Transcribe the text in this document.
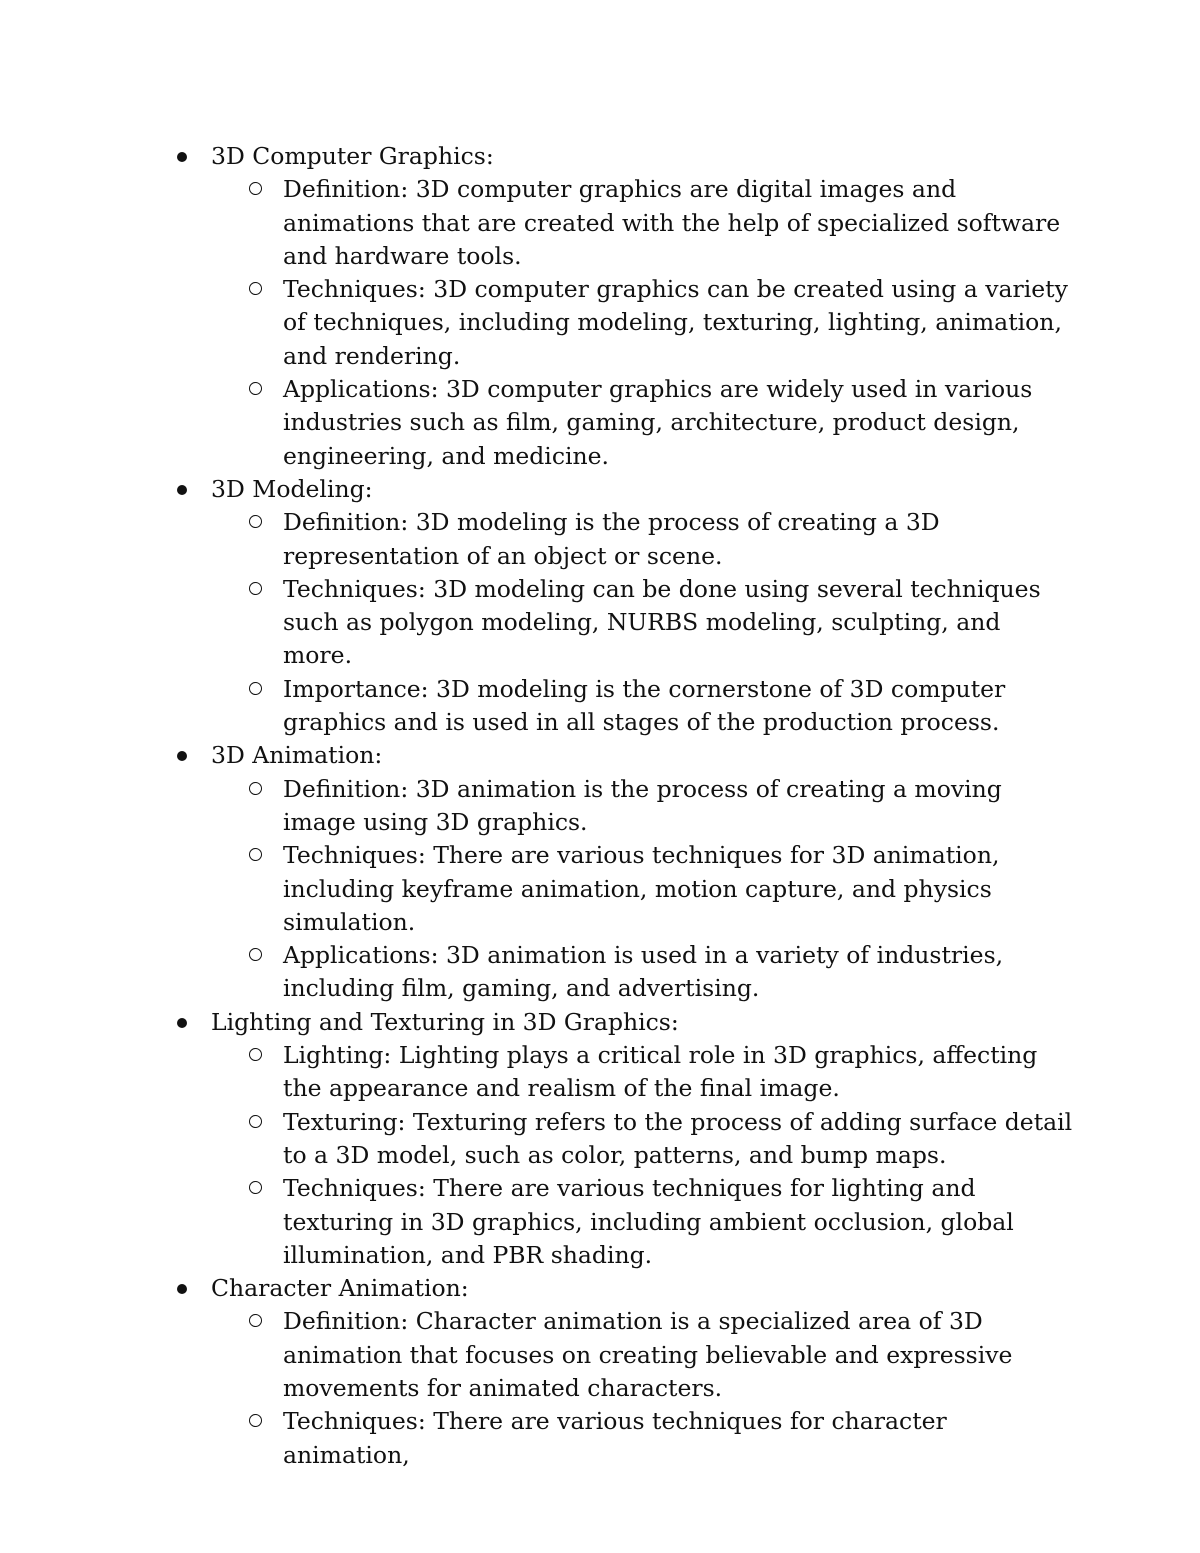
3D Computer Graphics:
Definition: 3D computer graphics are digital images and animations that are created with the help of specialized software and hardware tools.
Techniques: 3D computer graphics can be created using a variety of techniques, including modeling, texturing, lighting, animation, and rendering.
Applications: 3D computer graphics are widely used in various industries such as film, gaming, architecture, product design, engineering, and medicine.
3D Modeling:
Definition: 3D modeling is the process of creating a 3D representation of an object or scene.
Techniques: 3D modeling can be done using several techniques such as polygon modeling, NURBS modeling, sculpting, and more.
Importance: 3D modeling is the cornerstone of 3D computer graphics and is used in all stages of the production process.
3D Animation:
Definition: 3D animation is the process of creating a moving image using 3D graphics.
Techniques: There are various techniques for 3D animation, including keyframe animation, motion capture, and physics simulation.
Applications: 3D animation is used in a variety of industries, including film, gaming, and advertising.
Lighting and Texturing in 3D Graphics:
Lighting: Lighting plays a critical role in 3D graphics, affecting the appearance and realism of the final image.
Texturing: Texturing refers to the process of adding surface detail to a 3D model, such as color, patterns, and bump maps.
Techniques: There are various techniques for lighting and texturing in 3D graphics, including ambient occlusion, global illumination, and PBR shading.
Character Animation:
Definition: Character animation is a specialized area of 3D animation that focuses on creating believable and expressive movements for animated characters.
Techniques: There are various techniques for character animation,
